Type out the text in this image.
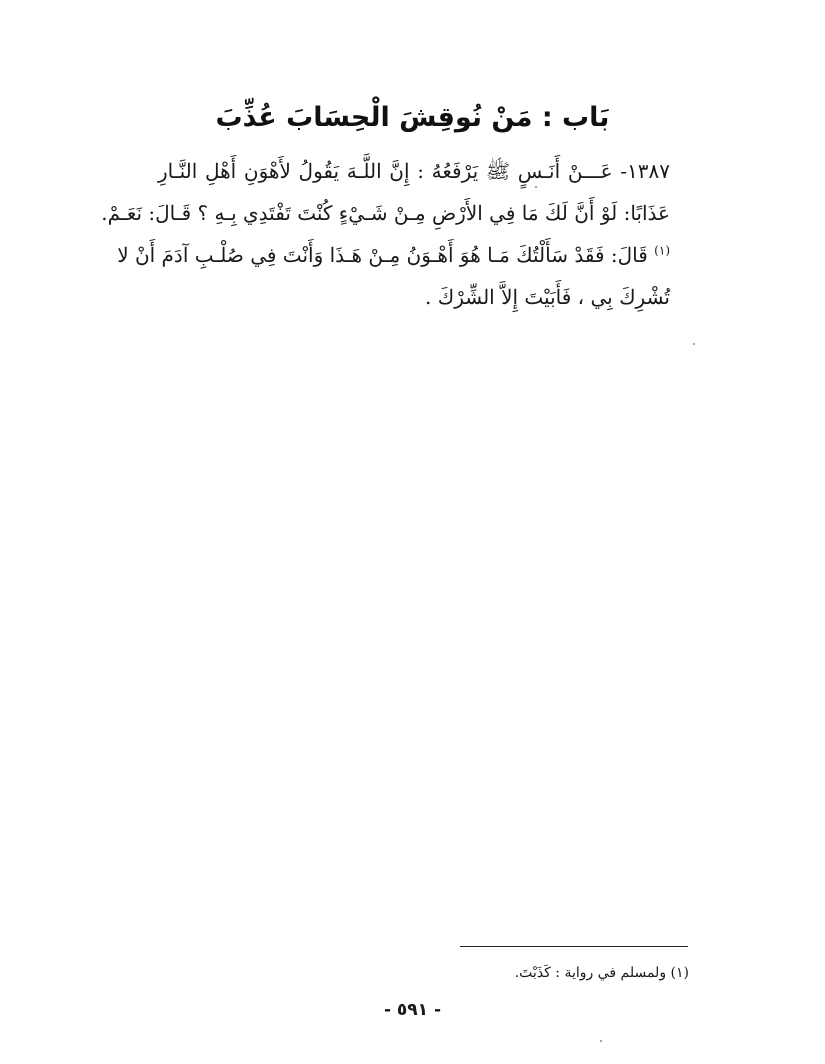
بَاب : مَنْ نُوقِشَ الْحِسَابَ عُذِّبَ
١٣٨٧- عَـــنْ أَنَـسٍ ﷺ يَرْفَعُهُ : إِنَّ اللَّـهَ يَقُولُ لأَهْوَنِ أَهْلِ النَّـارِ
عَذَابًا: لَوْ أَنَّ لَكَ مَا فِي الأَرْضِ مِـنْ شَـيْءٍ كُنْتَ تَفْتَدِي بِـهِ ؟ قَـالَ: نَعَـمْ.
$^{(١)}$ قَالَ: فَقَدْ سَأَلْتُكَ مَـا هُوَ أَهْـوَنُ مِـنْ هَـذَا وَأَنْتَ فِي صُلْـبِ آدَمَ أَنْ لا
تُشْرِكَ بِي ، فَأَبَيْتَ إِلاَّ الشِّرْكَ .
(١) ولمسلم في رواية : كَذَبْتَ.
- ٥٩١ -
